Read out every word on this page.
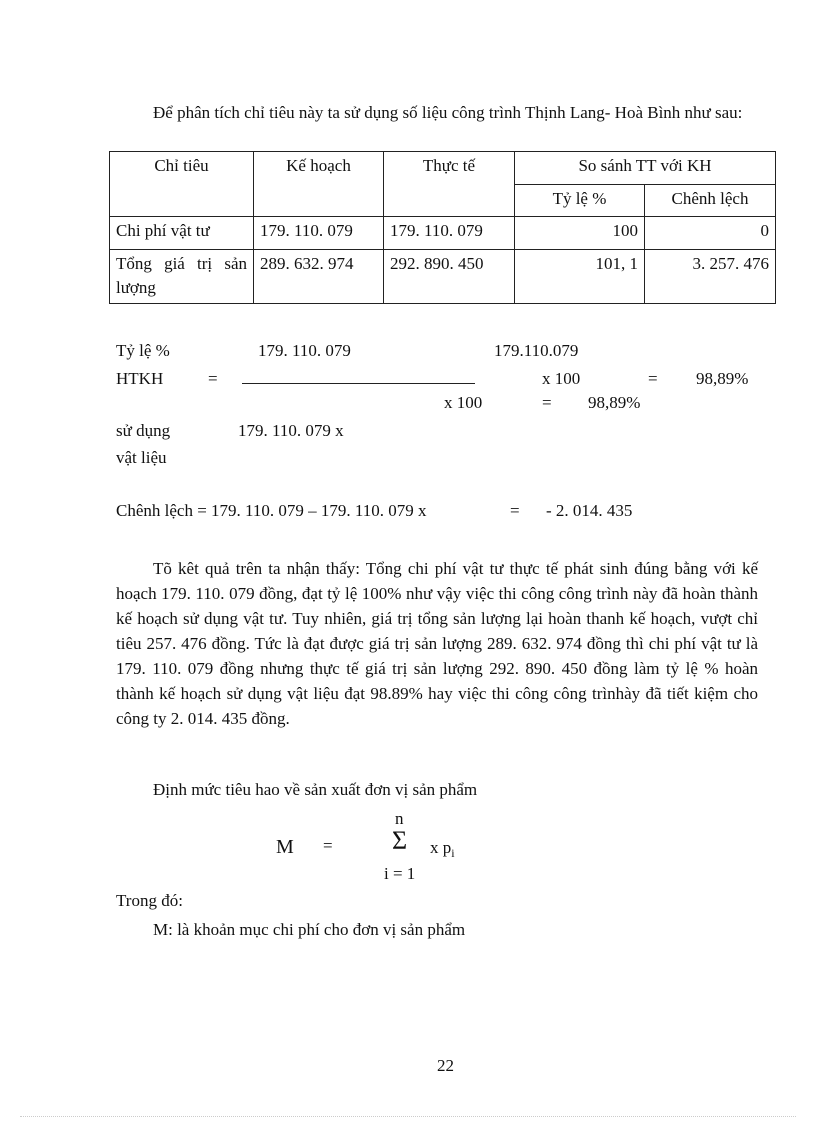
Để phân tích chỉ tiêu này ta sử dụng số liệu công trình Thịnh Lang- Hoà Bình như sau:
Chỉ tiêu	Kế hoạch	Thực tế	So sánh TT với KH	
			Tỷ lệ %	Chênh lệch
Chi phí vật tư	179. 110. 079	179. 110. 079	100	0
Tổng giá trị sản lượng	289. 632. 974	292. 890. 450	101, 1	3. 257. 476
Tỷ lệ %
HTKH	=
179. 110. 079	179.110.079
x 100	= 98,89%
x 100	= 98,89%
sử dụng	179. 110. 079 x
vật liệu
Chênh lệch = 179. 110. 079 – 179. 110. 079 x	= - 2. 014. 435
Tõ kêt quả trên ta nhận thấy: Tổng chi phí vật tư thực tế phát sinh đúng bằng với kế hoạch 179. 110. 079 đồng, đạt tỷ lệ 100% như vậy việc thi công công trình này đã hoàn thành kế hoạch sử dụng vật tư. Tuy nhiên, giá trị tổng sản lượng lại hoàn thanh kế hoạch, vượt chỉ tiêu 257. 476 đồng. Tức là đạt được giá trị sản lượng 289. 632. 974 đồng thì chi phí vật tư là 179. 110. 079 đồng nhưng thực tế giá trị sản lượng 292. 890. 450 đồng làm tỷ lệ % hoàn thành kế hoạch sử dụng vật liệu đạt 98.89% hay việc thi công công trìnhày đã tiết kiệm cho công ty 2. 014. 435 đồng.
Định mức tiêu hao về sản xuất đơn vị sản phẩm
n
M = Σ x $p_i$
i = 1
Trong đó:
M: là khoản mục chi phí cho đơn vị sản phẩm
22
